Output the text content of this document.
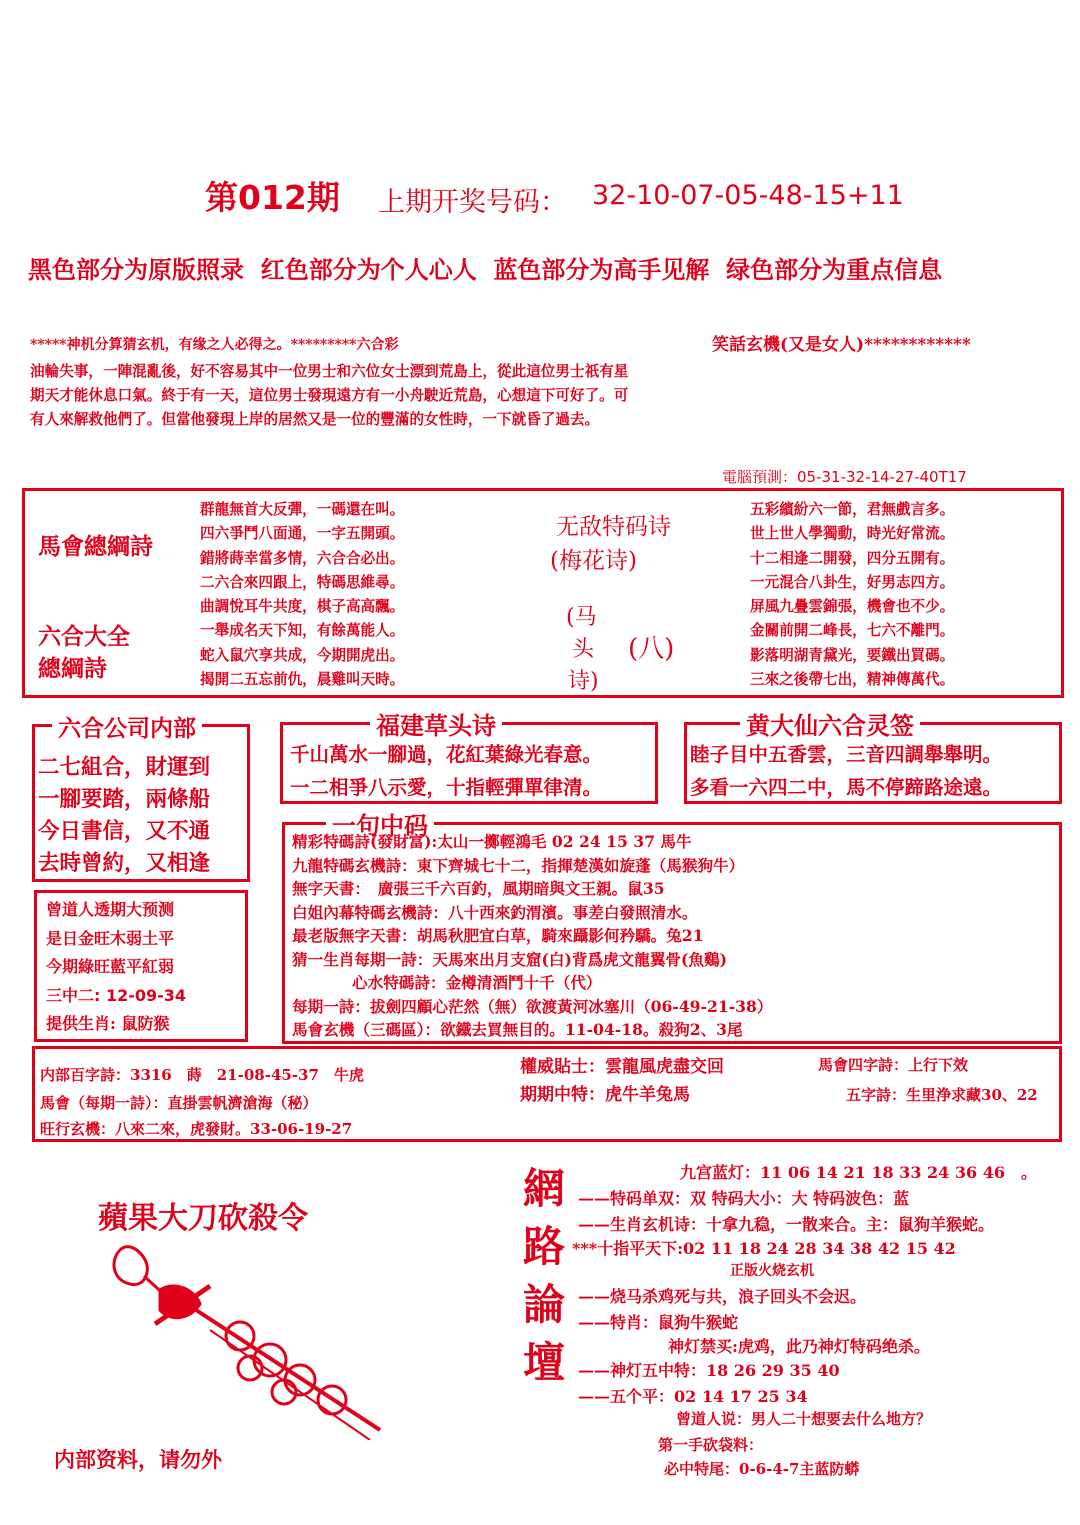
第012期 上期开奖号码： 32-10-07-05-48-15+11
黑色部分为原版照录 红色部分为个人心人 蓝色部分为高手见解 绿色部分为重点信息
*****神机分算猜玄机，有缘之人必得之。*********六合彩	笑話玄機(又是女人)************
油輪失事，一陣混亂後，好不容易其中一位男士和六位女士漂到荒島上，從此這位男士祇有星
期天才能休息口氣。終于有一天，這位男士發現遠方有一小舟駛近荒島，心想這下可好了。可
有人來解救他們了。但當他發現上岸的居然又是一位的豐滿的女性時，一下就昏了過去。
電腦預測：05-31-32-14-27-40T17
馬會總綱詩
六合大全
總綱詩
群龍無首大反彈，一碼還在叫。
四六爭鬥八面通，一字五開頭。
錯將蒔幸當多情，六合合必出。
二六合來四跟上，特碼思維尋。
曲調悅耳牛共度，棋子高高飄。
一舉成名天下知，有餘萬能人。
蛇入鼠穴享共成，今期開虎出。
揭開二五忘前仇，晨雞叫天時。
无敌特码诗
(梅花诗)
(马
头
诗)
(八)
五彩繽紛六一節，君無戲言多。
世上世人學獨動，時光好常流。
十二相逢二開發，四分五開有。
一元混合八卦生，好男志四方。
屏風九疊雲錦張，機會也不少。
金關前開二峰長，七六不離門。
影落明湖青黛光，要鐵出買碼。
三來之後帶七出，精神傳萬代。
六合公司内部
二七組合，財運到
一腳要踏，兩條船
今日書信，又不通
去時曾約，又相逢
福建草头诗
千山萬水一腳過，花紅葉綠光春意。
一二相爭八示愛，十指輕彈單律清。
黄大仙六合灵签
睦子目中五香雲，三音四調舉舉明。
多看一六四二中，馬不停蹄路途遠。
曾道人透期大预测
是日金旺木弱土平
今期綠旺藍平紅弱
三中二: 12-09-34
提供生肖: 鼠防猴
一句中码
精彩特碼詩(發財富):太山一擲輕鴻毛 02 24 15 37 馬牛
九龍特碼玄機詩：東下齊城七十二，指揮楚漢如旋蓬（馬猴狗牛）
無字天書：　廣張三千六百釣，風期暗與文王親。鼠35
白姐內幕特碼玄機詩：八十西來釣渭濱。事差白發照清水。
最老版無字天書：胡馬秋肥宜白草，騎來躡影何矜驕。兔21
猜一生肖每期一詩：天馬來出月支窟(白)背爲虎文龍翼骨(魚鷄)
心水特碼詩：金樽清酒鬥十千（代）
每期一詩：拔劍四顧心茫然（無）欲渡黃河冰塞川（06-49-21-38）
馬會玄機（三碼區）：欲鐵去買無目的。11-04-18。殺狗2、3尾
内部百字詩：3316　蒔　21-08-45-37　牛虎
馬會（每期一詩）：直掛雲帆濟滄海（秘）
旺行玄機：八來二來，虎發財。33-06-19-27
權威貼士：雲龍風虎盡交回
期期中特：虎牛羊兔馬
馬會四字詩：上行下效
五字詩：生里浄求藏30、22
蘋果大刀砍殺令
内部资料，请勿外
網
路
論
壇
九宫蓝灯：11 06 14 21 18 33 24 36 46　。
——特码单双：双 特码大小：大 特码波色：蓝
——生肖玄机诗：十拿九稳，一散来合。主：鼠狗羊猴蛇。
***十指平天下:02 11 18 24 28 34 38 42 15 42
正版火烧玄机
——烧马杀鸡死与共，浪子回头不会迟。
——特肖：鼠狗牛猴蛇
神灯禁买:虎鸡，此乃神灯特码绝杀。
——神灯五中特：18 26 29 35 40
——五个平：02 14 17 25 34
曾道人说：男人二十想要去什么地方？
第一手砍袋料：
必中特尾：0-6-4-7主蓝防蟒
